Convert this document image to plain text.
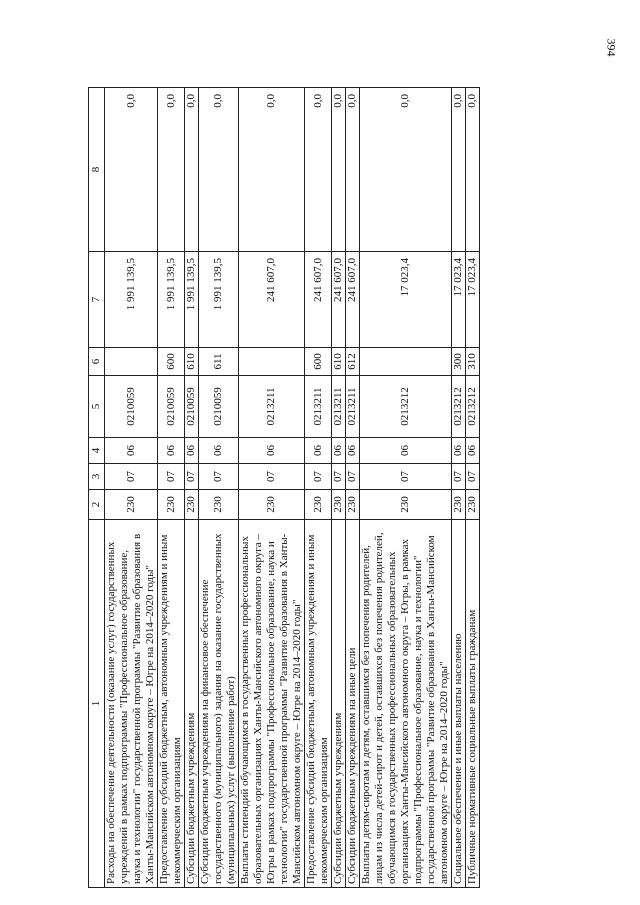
394
1	2	3	4	5	6	7	8
Расходы на обеспечение деятельности (оказание услуг) государственных учреждений в рамках подпрограммы "Профессиональное образование, наука и технологии" государственной программы "Развитие образования в Ханты-Мансийском автономном округе – Югре на 2014–2020 годы"	230	07	06	0210059		1 991 139,5	0,0
Предоставление субсидий бюджетным, автономным учреждениям и иным некоммерческим организациям	230	07	06	0210059	600	1 991 139,5	0,0
Субсидии бюджетным учреждениям	230	07	06	0210059	610	1 991 139,5	0,0
Субсидии бюджетным учреждениям на финансовое обеспечение государственного (муниципального) задания на оказание государственных (муниципальных) услуг (выполнение работ)	230	07	06	0210059	611	1 991 139,5	0,0
Выплаты стипендий обучающимся в государственных профессиональных образовательных организациях Ханты-Мансийского автономного округа – Югры в рамках подпрограммы "Профессиональное образование, наука и технологии" государственной программы "Развитие образования в Ханты-Мансийском автономном округе – Югре на 2014–2020 годы"	230	07	06	0213211		241 607,0	0,0
Предоставление субсидий бюджетным, автономным учреждениям и иным некоммерческим организациям	230	07	06	0213211	600	241 607,0	0,0
Субсидии бюджетным учреждениям	230	07	06	0213211	610	241 607,0	0,0
Субсидии бюджетным учреждениям на иные цели	230	07	06	0213211	612	241 607,0	0,0
Выплаты детям-сиротам и детям, оставшимся без попечения родителей, лицам из числа детей-сирот и детей, оставшихся без попечения родителей, обучающимся в государственных профессиональных образовательных организациях Ханты-Мансийского автономного округа – Югры, в рамках подпрограммы "Профессиональное образование, наука и технологии" государственной программы "Развитие образования в Ханты-Мансийском автономном округе – Югре на 2014–2020 годы"	230	07	06	0213212		17 023,4	0,0
Социальное обеспечение и иные выплаты населению	230	07	06	0213212	300	17 023,4	0,0
Публичные нормативные социальные выплаты гражданам	230	07	06	0213212	310	17 023,4	0,0
